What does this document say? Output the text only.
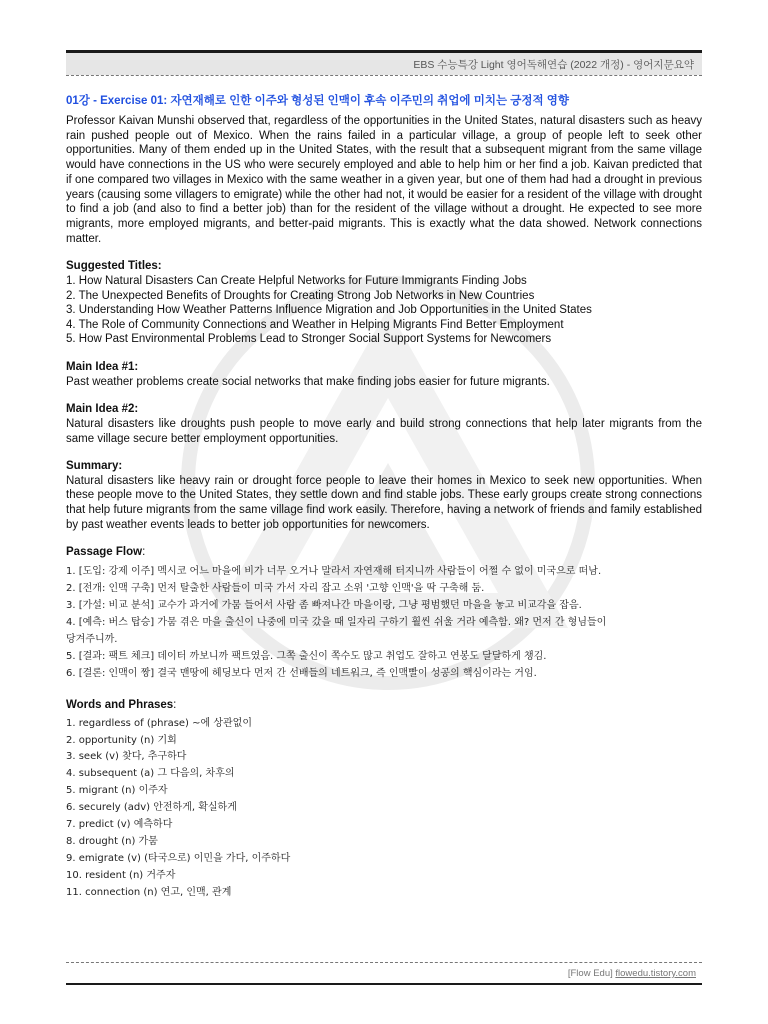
EBS 수능특강 Light 영어독해연습 (2022 개정) - 영어지문요약
01강 - Exercise 01: 자연재해로 인한 이주와 형성된 인맥이 후속 이주민의 취업에 미치는 긍정적 영향

Professor Kaivan Munshi observed that, regardless of the opportunities in the United States, natural disasters such as heavy rain pushed people out of Mexico. When the rains failed in a particular village, a group of people left to seek other opportunities. Many of them ended up in the United States, with the result that a subsequent migrant from the same village would have connections in the US who were securely employed and able to help him or her find a job. Kaivan predicted that if one compared two villages in Mexico with the same weather in a given year, but one of them had had a drought in previous years (causing some villagers to emigrate) while the other had not, it would be easier for a resident of the village with drought to find a job (and also to find a better job) than for the resident of the village without a drought. He expected to see more migrants, more employed migrants, and better-paid migrants. This is exactly what the data showed. Network connections matter.

Suggested Titles:
1. How Natural Disasters Can Create Helpful Networks for Future Immigrants Finding Jobs
2. The Unexpected Benefits of Droughts for Creating Strong Job Networks in New Countries
3. Understanding How Weather Patterns Influence Migration and Job Opportunities in the United States
4. The Role of Community Connections and Weather in Helping Migrants Find Better Employment
5. How Past Environmental Problems Lead to Stronger Social Support Systems for Newcomers
Main Idea #1:
Past weather problems create social networks that make finding jobs easier for future migrants.
Main Idea #2:
Natural disasters like droughts push people to move early and build strong connections that help later migrants from the same village secure better employment opportunities.
Summary:
Natural disasters like heavy rain or drought force people to leave their homes in Mexico to seek new opportunities. When these people move to the United States, they settle down and find stable jobs. These early groups create strong connections that help future migrants from the same village find work easily. Therefore, having a network of friends and family established by past weather events leads to better job opportunities for newcomers.
Passage Flow:
1. [도입: 강제 이주] 멕시코 어느 마을에 비가 너무 오거나 말라서 자연재해 터지니까 사람들이 어쩔 수 없이 미국으로 떠남.
2. [전개: 인맥 구축] 먼저 탈출한 사람들이 미국 가서 자리 잡고 소위 '고향 인맥'을 딱 구축해 둠.
3. [가설: 비교 분석] 교수가 과거에 가뭄 들어서 사람 좀 빠져나간 마을이랑, 그냥 평범했던 마을을 놓고 비교각을 잡음.
4. [예측: 버스 탑승] 가뭄 겪은 마을 출신이 나중에 미국 갔을 때 일자리 구하기 훨씬 쉬울 거라 예측함. 왜? 먼저 간 형님들이
당겨주니까.
5. [결과: 팩트 체크] 데이터 까보니까 팩트였음. 그쪽 출신이 쪽수도 많고 취업도 잘하고 연봉도 달달하게 챙김.
6. [결론: 인맥이 짱] 결국 맨땅에 헤딩보다 먼저 간 선배들의 네트워크, 즉 인맥빨이 성공의 핵심이라는 거임.
Words and Phrases:
1. regardless of (phrase) ~에 상관없이
2. opportunity (n) 기회
3. seek (v) 찾다, 추구하다
4. subsequent (a) 그 다음의, 차후의
5. migrant (n) 이주자
6. securely (adv) 안전하게, 확실하게
7. predict (v) 예측하다
8. drought (n) 가뭄
9. emigrate (v) (타국으로) 이민을 가다, 이주하다
10. resident (n) 거주자
11. connection (n) 연고, 인맥, 관계
[Flow Edu] flowedu.tistory.com
